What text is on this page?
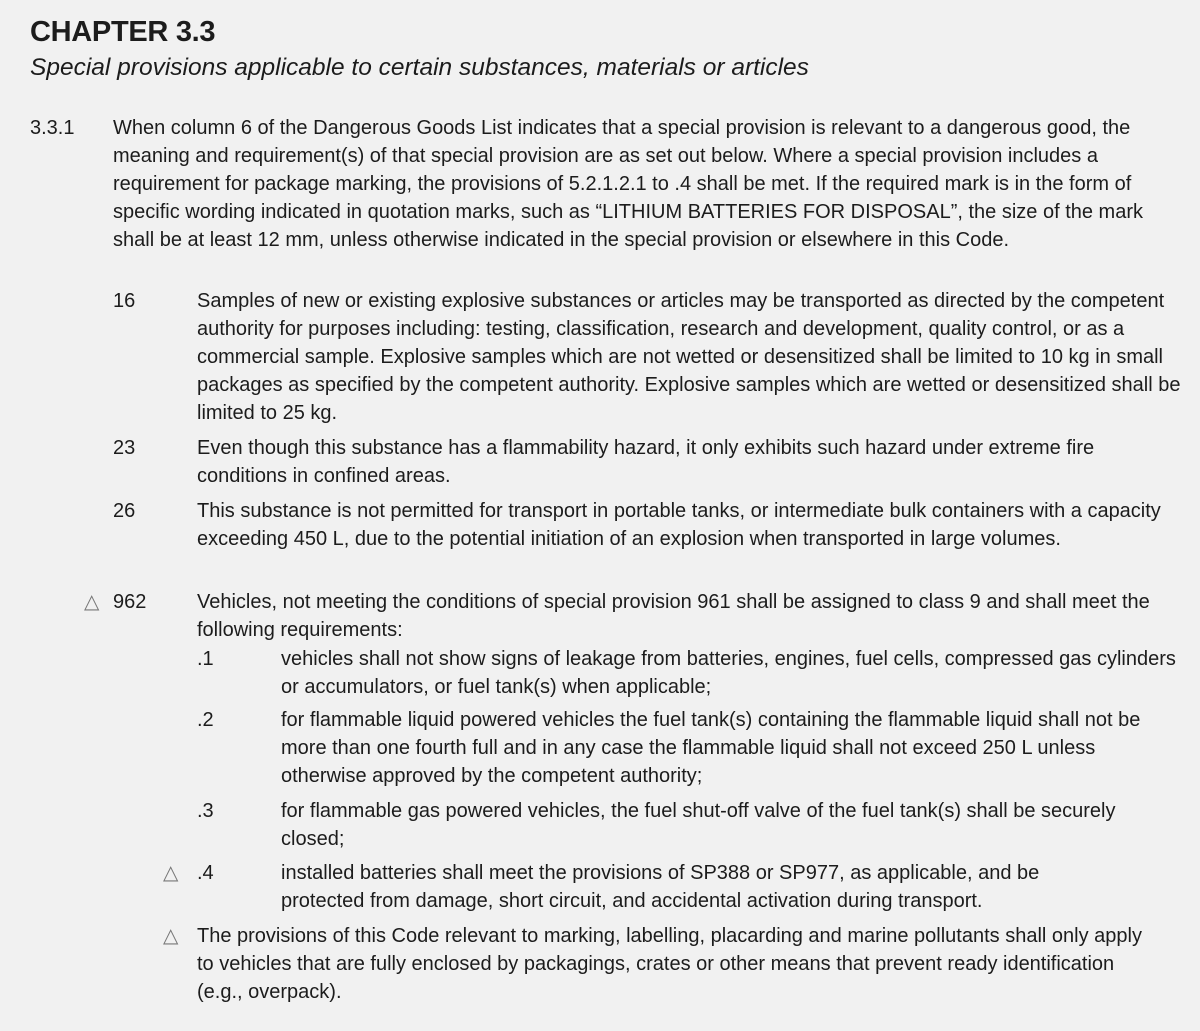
CHAPTER 3.3
Special provisions applicable to certain substances, materials or articles
3.3.1 When column 6 of the Dangerous Goods List indicates that a special provision is relevant to a dangerous good, the meaning and requirement(s) of that special provision are as set out below. Where a special provision includes a requirement for package marking, the provisions of 5.2.1.2.1 to .4 shall be met. If the required mark is in the form of specific wording indicated in quotation marks, such as “LITHIUM BATTERIES FOR DISPOSAL”, the size of the mark shall be at least 12 mm, unless otherwise indicated in the special provision or elsewhere in this Code.
16	Samples of new or existing explosive substances or articles may be transported as directed by the competent authority for purposes including: testing, classification, research and development, quality control, or as a commercial sample. Explosive samples which are not wetted or desensitized shall be limited to 10 kg in small packages as specified by the competent authority. Explosive samples which are wetted or desensitized shall be limited to 25 kg.
23	Even though this substance has a flammability hazard, it only exhibits such hazard under extreme fire conditions in confined areas.
26	This substance is not permitted for transport in portable tanks, or intermediate bulk containers with a capacity exceeding 450 L, due to the potential initiation of an explosion when transported in large volumes.
△ 962	Vehicles, not meeting the conditions of special provision 961 shall be assigned to class 9 and shall meet the following requirements:
.1	vehicles shall not show signs of leakage from batteries, engines, fuel cells, compressed gas cylinders or accumulators, or fuel tank(s) when applicable;
.2	for flammable liquid powered vehicles the fuel tank(s) containing the flammable liquid shall not be more than one fourth full and in any case the flammable liquid shall not exceed 250 L unless otherwise approved by the competent authority;
.3	for flammable gas powered vehicles, the fuel shut-off valve of the fuel tank(s) shall be securely closed;
△ .4	installed batteries shall meet the provisions of SP388 or SP977, as applicable, and be protected from damage, short circuit, and accidental activation during transport.
△ The provisions of this Code relevant to marking, labelling, placarding and marine pollutants shall only apply to vehicles that are fully enclosed by packagings, crates or other means that prevent ready identification (e.g., overpack).
